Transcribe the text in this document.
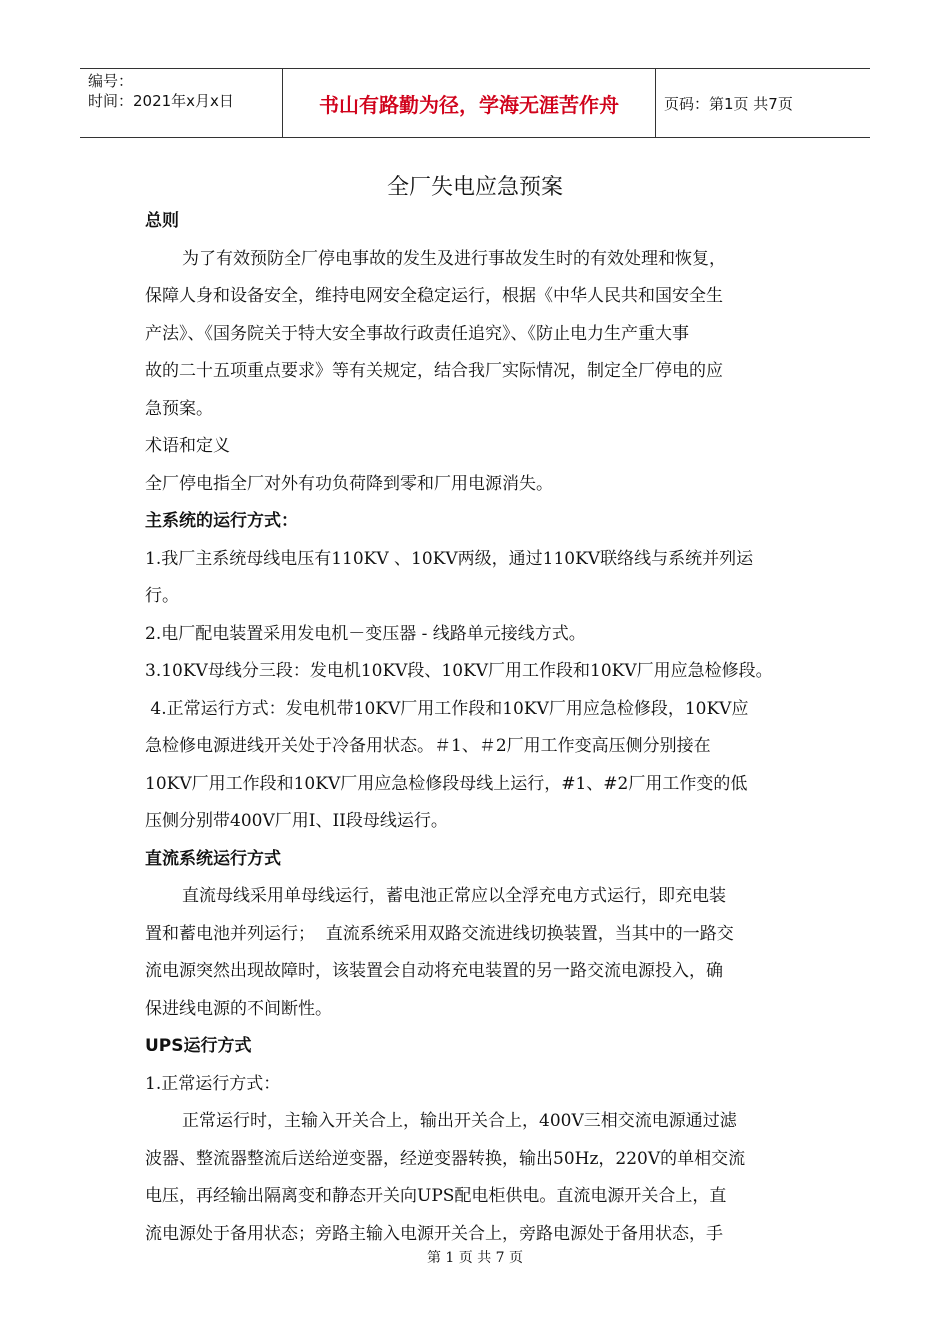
编号：
时间：2021年x月x日	书山有路勤为径，学海无涯苦作舟	页码：第1页 共7页
全厂失电应急预案

总则

为了有效预防全厂停电事故的发生及进行事故发生时的有效处理和恢复，

保障人身和设备安全，维持电网安全稳定运行，根据《中华人民共和国安全生

产法》、《国务院关于特大安全事故行政责任追究》、《防止电力生产重大事

故的二十五项重点要求》等有关规定，结合我厂实际情况，制定全厂停电的应

急预案。

术语和定义

全厂停电指全厂对外有功负荷降到零和厂用电源消失。

主系统的运行方式：

1.我厂主系统母线电压有110KV 、10KV两级，通过110KV联络线与系统并列运

行。

2.电厂配电装置采用发电机－变压器 - 线路单元接线方式。

3.10KV母线分三段：发电机10KV段、10KV厂用工作段和10KV厂用应急检修段。

4.正常运行方式：发电机带10KV厂用工作段和10KV厂用应急检修段，10KV应

急检修电源进线开关处于冷备用状态。＃1、＃2厂用工作变高压侧分别接在

10KV厂用工作段和10KV厂用应急检修段母线上运行，#1、#2厂用工作变的低

压侧分别带400V厂用I、II段母线运行。

直流系统运行方式

直流母线采用单母线运行，蓄电池正常应以全浮充电方式运行，即充电装

置和蓄电池并列运行；  直流系统采用双路交流进线切换装置，当其中的一路交

流电源突然出现故障时，该装置会自动将充电装置的另一路交流电源投入，确

保进线电源的不间断性。

UPS运行方式

1.正常运行方式：

正常运行时，主输入开关合上，输出开关合上，400V三相交流电源通过滤

波器、整流器整流后送给逆变器，经逆变器转换，输出50Hz，220V的单相交流

电压，再经输出隔离变和静态开关向UPS配电柜供电。直流电源开关合上，直

流电源处于备用状态；旁路主输入电源开关合上，旁路电源处于备用状态，手

第 1 页 共 7 页
